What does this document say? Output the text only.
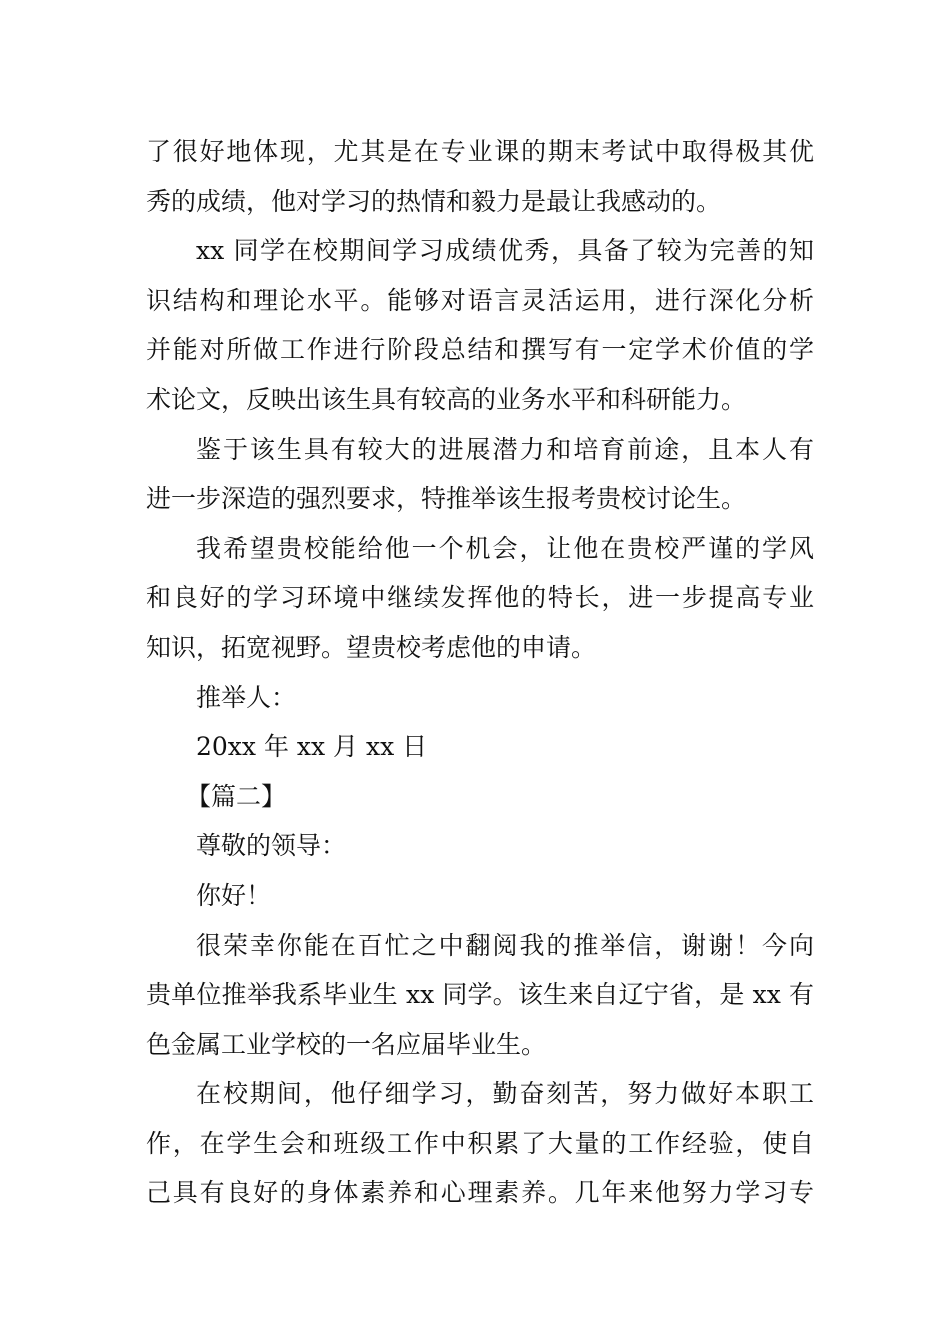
了很好地体现，尤其是在专业课的期末考试中取得极其优
秀的成绩，他对学习的热情和毅力是最让我感动的。
xx 同学在校期间学习成绩优秀，具备了较为完善的知
识结构和理论水平。能够对语言灵活运用，进行深化分析
并能对所做工作进行阶段总结和撰写有一定学术价值的学
术论文，反映出该生具有较高的业务水平和科研能力。
鉴于该生具有较大的进展潜力和培育前途，且本人有
进一步深造的强烈要求，特推举该生报考贵校讨论生。
我希望贵校能给他一个机会，让他在贵校严谨的学风
和良好的学习环境中继续发挥他的特长，进一步提高专业
知识，拓宽视野。望贵校考虑他的申请。
推举人：
20xx 年 xx 月 xx 日
【篇二】
尊敬的领导：
你好！
很荣幸你能在百忙之中翻阅我的推举信，谢谢！今向
贵单位推举我系毕业生 xx 同学。该生来自辽宁省，是 xx 有
色金属工业学校的一名应届毕业生。
在校期间，他仔细学习，勤奋刻苦，努力做好本职工
作，在学生会和班级工作中积累了大量的工作经验，使自
己具有良好的身体素养和心理素养。几年来他努力学习专
